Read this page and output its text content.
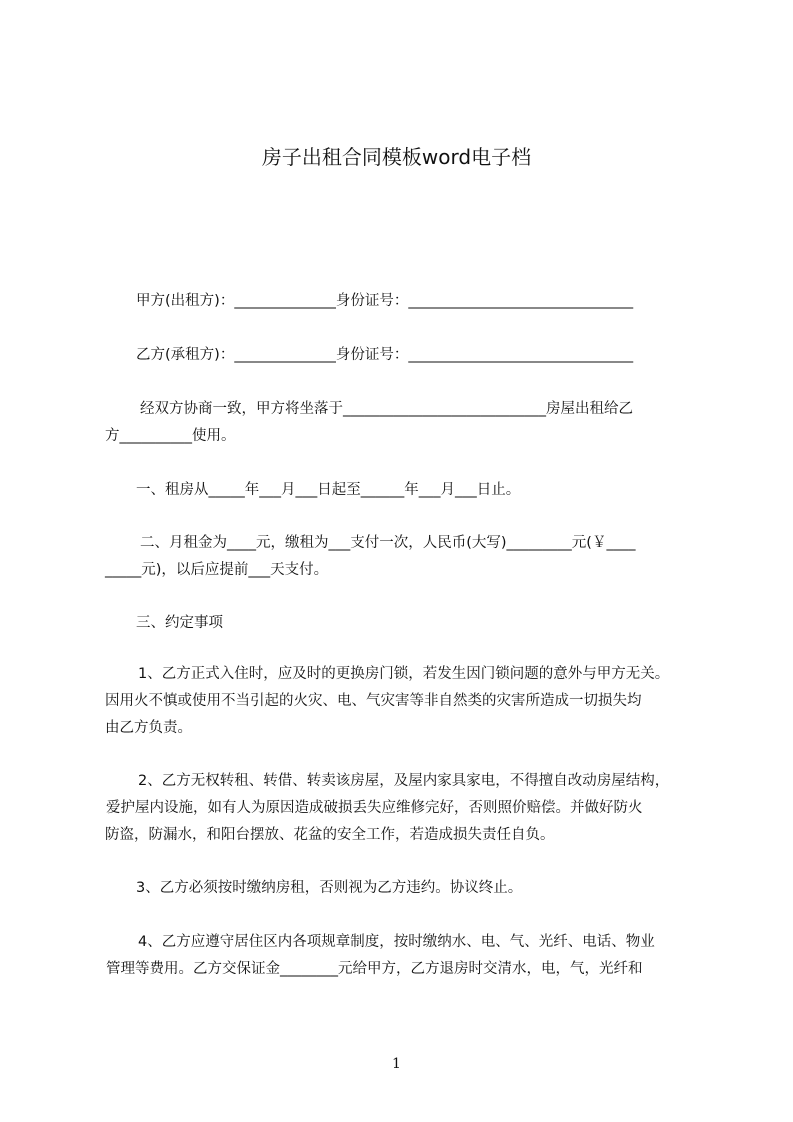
房子出租合同模板word电子档
甲方(出租方)：______________身份证号：_______________________________
乙方(承租方)：______________身份证号：_______________________________
经双方协商一致，甲方将坐落于____________________________房屋出租给乙
方__________使用。
一、租房从_____年___月___日起至______年___月___日止。
二、月租金为____元，缴租为___支付一次，人民币(大写)_________元(￥____
_____元)，以后应提前___天支付。
三、约定事项
1、乙方正式入住时，应及时的更换房门锁，若发生因门锁问题的意外与甲方无关。
因用火不慎或使用不当引起的火灾、电、气灾害等非自然类的灾害所造成一切损失均
由乙方负责。
2、乙方无权转租、转借、转卖该房屋，及屋内家具家电，不得擅自改动房屋结构，
爱护屋内设施，如有人为原因造成破损丢失应维修完好，否则照价赔偿。并做好防火
防盗，防漏水，和阳台摆放、花盆的安全工作，若造成损失责任自负。
3、乙方必须按时缴纳房租，否则视为乙方违约。协议终止。
4、乙方应遵守居住区内各项规章制度，按时缴纳水、电、气、光纤、电话、物业
管理等费用。乙方交保证金________元给甲方，乙方退房时交清水，电，气，光纤和
1
